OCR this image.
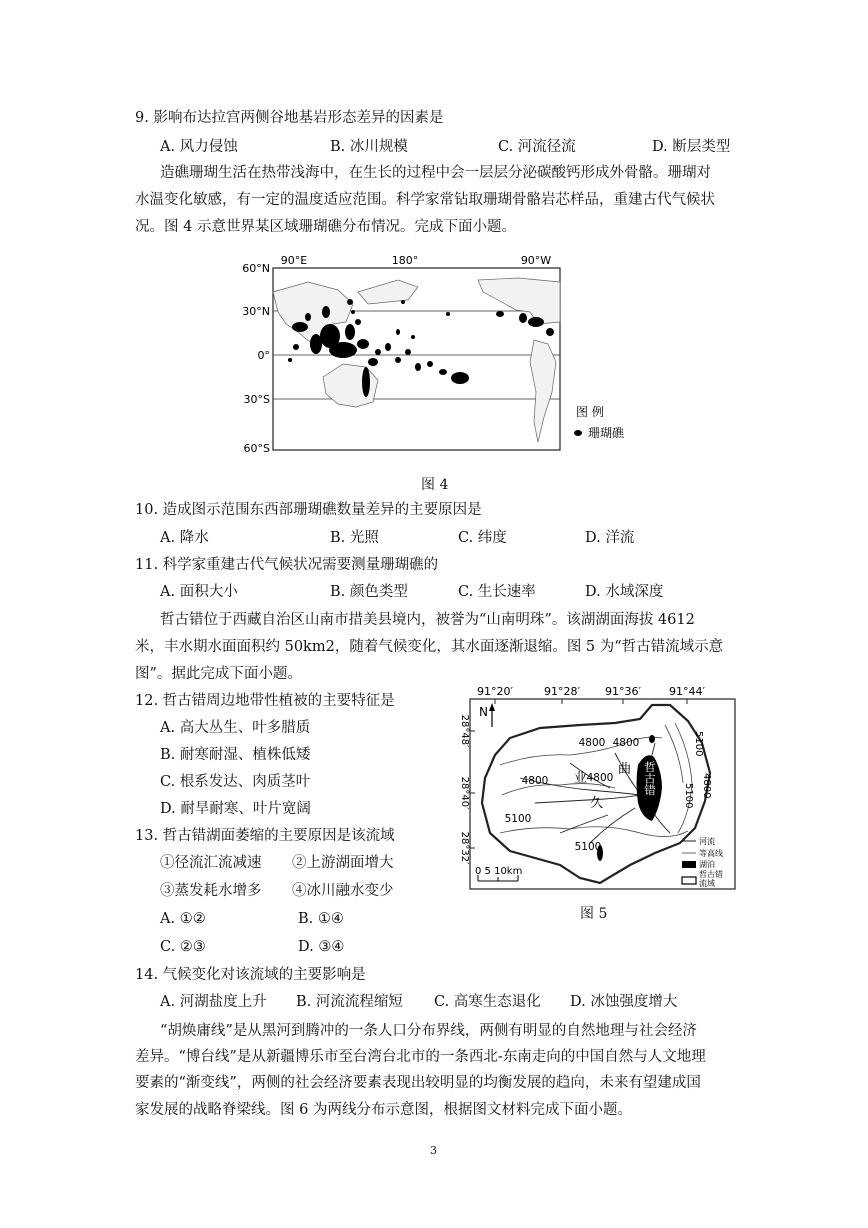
9. 影响布达拉宫两侧谷地基岩形态差异的因素是
A. 风力侵蚀	B. 冰川规模	C. 河流径流	D. 断层类型
造礁珊瑚生活在热带浅海中，在生长的过程中会一层层分泌碳酸钙形成外骨骼。珊瑚对
水温变化敏感，有一定的温度适应范围。科学家常钻取珊瑚骨骼岩芯样品，重建古代气候状
况。图 4 示意世界某区域珊瑚礁分布情况。完成下面小题。
60°N
30°N
0°
30°S
60°S
90°E	180°	90°W
图 例
珊瑚礁
图 4
10. 造成图示范围东西部珊瑚礁数量差异的主要原因是
A. 降水	B. 光照	C. 纬度	D. 洋流
11. 科学家重建古代气候状况需要测量珊瑚礁的
A. 面积大小	B. 颜色类型	C. 生长速率	D. 水域深度
哲古错位于西藏自治区山南市措美县境内，被誉为“山南明珠”。该湖湖面海拔 4612
米，丰水期水面面积约 50km2，随着气候变化，其水面逐渐退缩。图 5 为“哲古错流域示意
图”。据此完成下面小题。
12. 哲古错周边地带性植被的主要特征是
A. 高大丛生、叶多腊质
B. 耐寒耐湿、植株低矮
C. 根系发达、肉质茎叶
D. 耐旱耐寒、叶片宽阔
13. 哲古错湖面萎缩的主要原因是该流域
①径流汇流减速 ②上游湖面增大
③蒸发耗水增多 ④冰川融水变少
A. ①②	B. ①④
C. ②③	D. ③④
91°20′	91°28′ 91°36′	91°44′
28°48′
28°40′
28°32′
N
4800 4800
4800	4800
5100
5100
5100
4800
5100
曲
业
久
哲古错
0 5 10km
河流
等高线
湖泊
哲古错
流域
图 5
14. 气候变化对该流域的主要影响是
A. 河湖盐度上升 B. 河流流程缩短 C. 高寒生态退化 D. 冰蚀强度增大
“胡焕庸线”是从黑河到腾冲的一条人口分布界线，两侧有明显的自然地理与社会经济
差异。“博台线”是从新疆博乐市至台湾台北市的一条西北-东南走向的中国自然与人文地理
要素的“渐变线”，两侧的社会经济要素表现出较明显的均衡发展的趋向，未来有望建成国
家发展的战略脊梁线。图 6 为两线分布示意图，根据图文材料完成下面小题。
3
